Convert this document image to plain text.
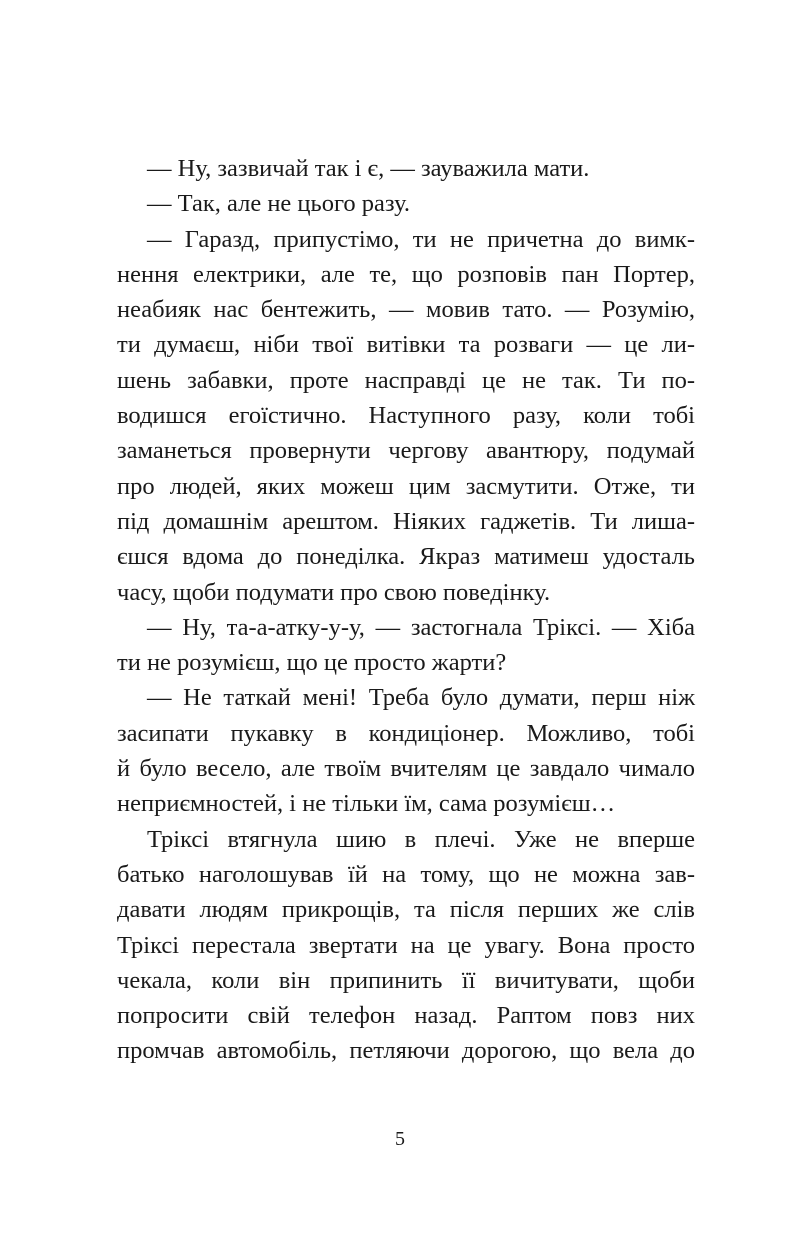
— Ну, зазвичай так і є, — зауважила мати.
— Так, але не цього разу.
— Гаразд, припустімо, ти не причетна до вимк-
нення електрики, але те, що розповів пан Портер,
неабияк нас бентежить, — мовив тато. — Розумію,
ти думаєш, ніби твої витівки та розваги — це ли-
шень забавки, проте насправді це не так. Ти по-
водишся егоїстично. Наступного разу, коли тобі
заманеться провернути чергову авантюру, подумай
про людей, яких можеш цим засмутити. Отже, ти
під домашнім арештом. Ніяких гаджетів. Ти лиша-
єшся вдома до понеділка. Якраз матимеш удосталь
часу, щоби подумати про свою поведінку.
— Ну, та-а-атку-у-у, — застогнала Тріксі. — Хіба
ти не розумієш, що це просто жарти?
— Не таткай мені! Треба було думати, перш ніж
засипати пукавку в кондиціонер. Можливо, тобі
й було весело, але твоїм вчителям це завдало чимало
неприємностей, і не тільки їм, сама розумієш…
Тріксі втягнула шию в плечі. Уже не вперше
батько наголошував їй на тому, що не можна зав-
давати людям прикрощів, та після перших же слів
Тріксі перестала звертати на це увагу. Вона просто
чекала, коли він припинить її вичитувати, щоби
попросити свій телефон назад. Раптом повз них
промчав автомобіль, петляючи дорогою, що вела до
5
